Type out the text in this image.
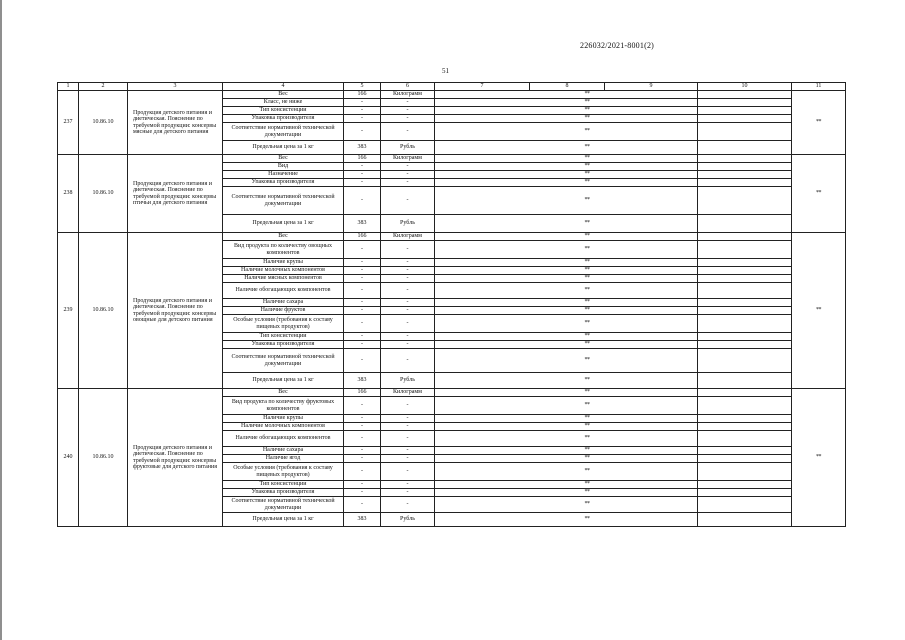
226032/2021-8001(2)
51
1	2	3	4	5	6	7	8	9	10	11
237	10.86.10	Продукция детского питания и диетическая. Пояснение по требуемой продукции: консервы мясные для детского питания	Вес	166	Килограмм		**			**
			Класс, не ниже	-	-		**			
			Тип консистенции	-	-		**			
			Упаковка производителя	-	-		**			
			Соответствие нормативной технической документации	-	-		**			
			Предельная цена за 1 кг	383	Рубль		**			
238	10.86.10	Продукция детского питания и диетическая. Пояснение по требуемой продукции: консервы птичьи для детского питания	Вес	166	Килограмм		**			**
			Вид	-	-		**			
			Назначение	-	-		**			
			Упаковка производителя	-	-		**			
			Соответствие нормативной технической документации	-	-		**			
			Предельная цена за 1 кг	383	Рубль		**			
239	10.86.10	Продукция детского питания и диетическая. Пояснение по требуемой продукции: консервы овощные для детского питания	Вес	166	Килограмм		**			**
			Вид продукта по количеству овощных компонентов	-	-		**			
			Наличие крупы	-	-		**			
			Наличие молочных компонентов	-	-		**			
			Наличие мясных компонентов	-	-		**			
			Наличие обогащающих компонентов	-	-		**			
			Наличие сахара	-	-		**			
			Наличие фруктов	-	-		**			
			Особые условия (требования к составу пищевых продуктов)	-	-		**			
			Тип консистенции	-	-		**			
			Упаковка производителя	-	-		**			
			Соответствие нормативной технической документации	-	-		**			
			Предельная цена за 1 кг	383	Рубль		**			
240	10.86.10	Продукция детского питания и диетическая. Пояснение по требуемой продукции: консервы фруктовые для детского питания	Вес	166	Килограмм		**			**
			Вид продукта по количеству фруктовых компонентов	-	-		**			
			Наличие крупы	-	-		**			
			Наличие молочных компонентов	-	-		**			
			Наличие обогащающих компонентов	-	-		**			
			Наличие сахара	-	-		**			
			Наличие ягод	-	-		**			
			Особые условия (требования к составу пищевых продуктов)	-	-		**			
			Тип консистенции	-	-		**			
			Упаковка производителя	-	-		**			
			Соответствие нормативной технической документации	-	-		**			
			Предельная цена за 1 кг	383	Рубль		**			
